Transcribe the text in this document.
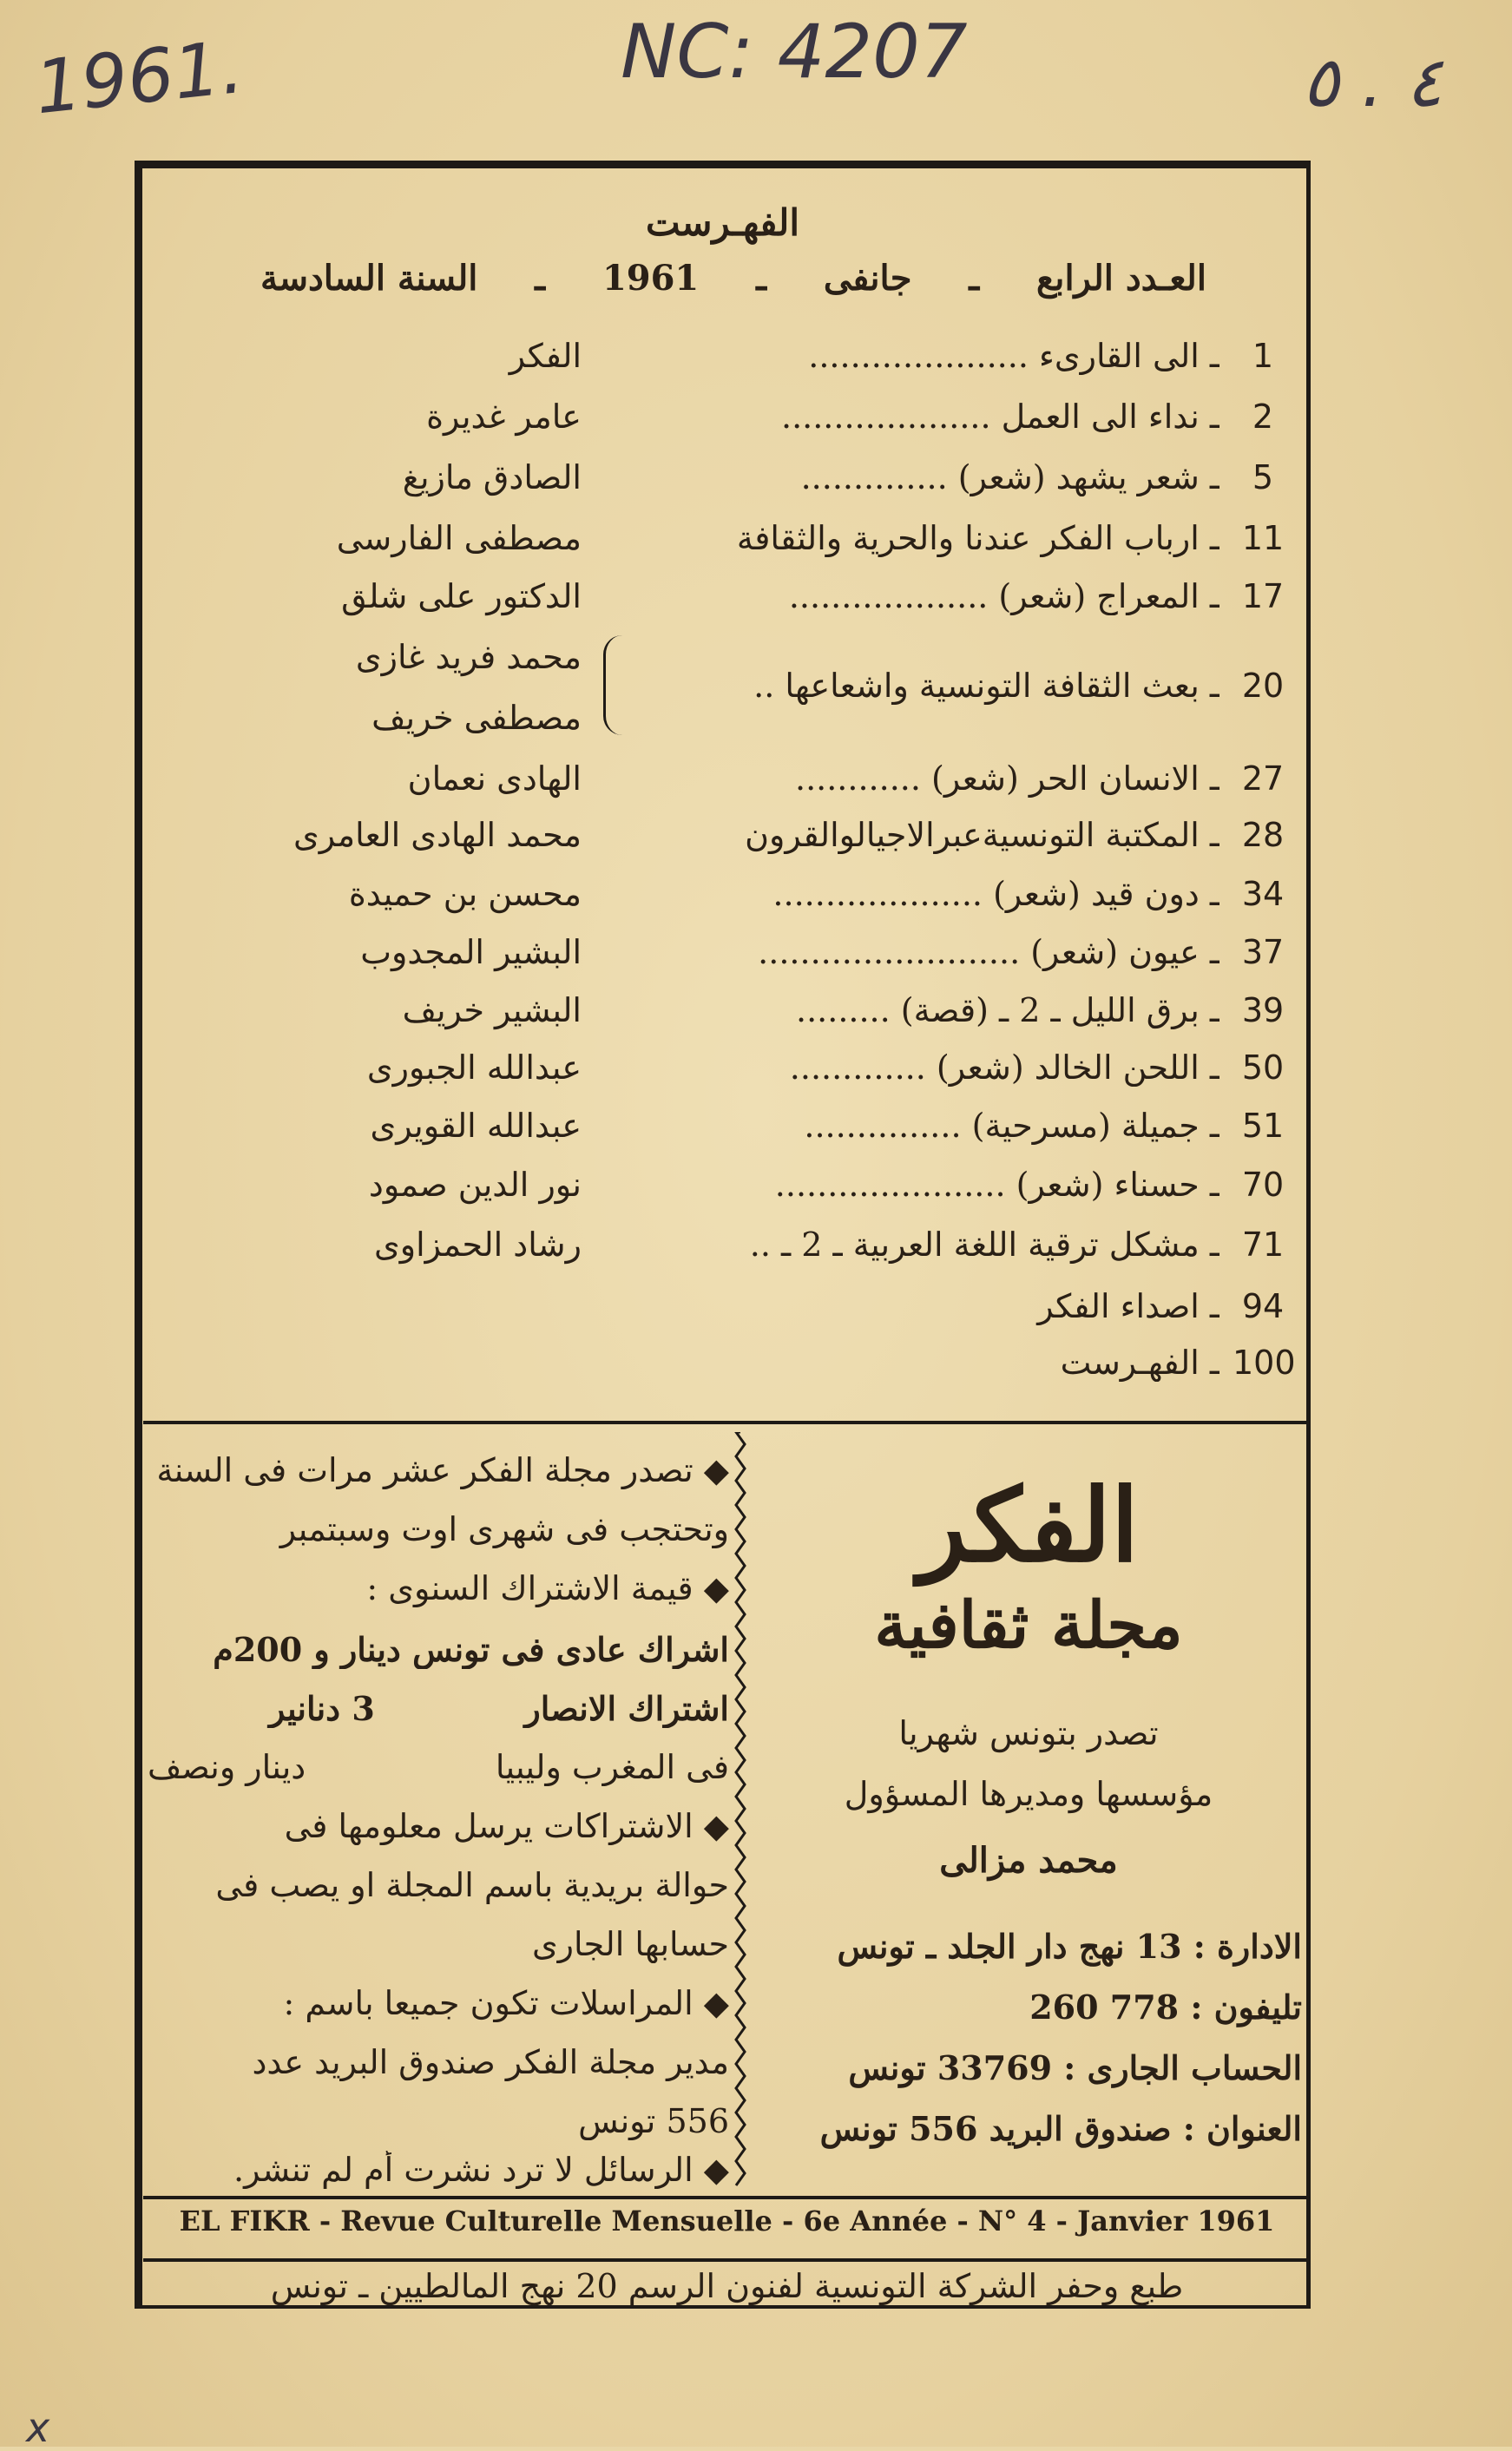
1961.	NC: 4207	٤ . ٥
x
الفهـرست
العـدد الرابع
ـ
جانفى
ـ
1961
ـ
السنة السادسة
1
ـ الى القارىء .....................
الفكر
2
ـ نداء الى العمل ....................
عامر غديرة
5
ـ شعر يشهد (شعر) ..............
الصادق مازيغ
11
ـ ارباب الفكر عندنا والحرية والثقافة
مصطفى الفارسى
17
ـ المعراج (شعر) ...................
الدكتور على شلق
20
ـ بعث الثقافة التونسية واشعاعها ..
محمد فريد غازى
مصطفى خريف
27
ـ الانسان الحر (شعر) ............
الهادى نعمان
28
ـ المكتبة التونسيةعبرالاجيالوالقرون
محمد الهادى العامرى
34
ـ دون قيد (شعر) ....................
محسن بن حميدة
37
ـ عيون (شعر) .........................
البشير المجدوب
39
ـ برق الليل ـ 2 ـ (قصة) .........
البشير خريف
50
ـ اللحن الخالد (شعر) .............
عبدالله الجبورى
51
ـ جميلة (مسرحية) ...............
عبدالله القويرى
70
ـ حسناء (شعر) ......................
نور الدين صمود
71
ـ مشكل ترقية اللغة العربية ـ 2 ـ ..
رشاد الحمزاوى
94
ـ اصداء الفكر
100
ـ الفهـرست
الفكر
مجلة ثقافية
تصدر بتونس شهريا
مؤسسها ومديرها المسؤول
محمد مزالى
الادارة : 13 نهج دار الجلد ـ تونس
تليفون : 778 260
الحساب الجارى : 33769 تونس
العنوان : صندوق البريد 556 تونس
◆ تصدر مجلة الفكر عشر مرات فى السنة
وتحتجب فى شهرى اوت وسبتمبر
◆ قيمة الاشتراك السنوى :
اشراك عادى فى تونس دينار و 200م
اشتراك الانصار
3 دنانير
فى المغرب وليبيا
دينار ونصف
◆ الاشتراكات يرسل معلومها فى
حوالة بريدية باسم المجلة او يصب فى
حسابها الجارى
◆ المراسلات تكون جميعا باسم :
مدير مجلة الفكر صندوق البريد عدد
556 تونس
◆ الرسائل لا ترد نشرت أم لم تنشر.
EL FIKR - Revue Culturelle Mensuelle - 6e Année - N° 4 - Janvier 1961
طبع وحفر الشركة التونسية لفنون الرسم 20 نهج المالطيين ـ تونس
